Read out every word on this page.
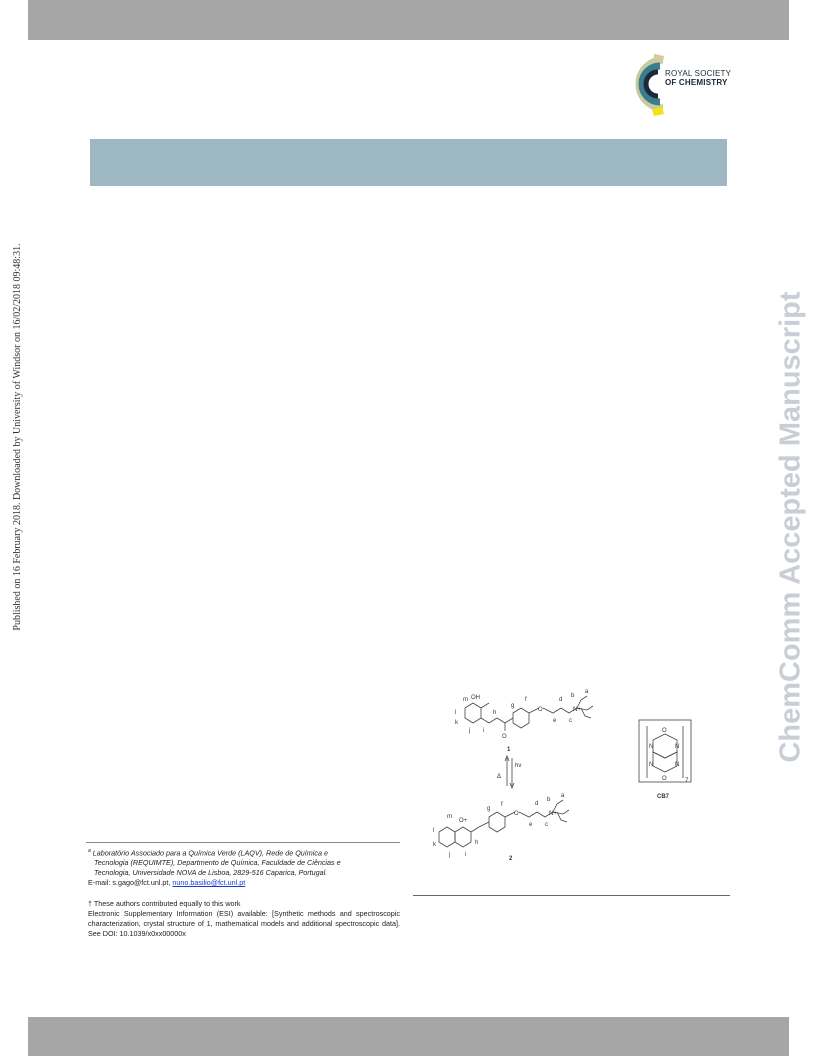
ROYAL SOCIETY
OF CHEMISTRY
Published on 16 February 2018. Downloaded by University of Windsor on 16/02/2018 09:48:31.	ChemComm Accepted Manuscript
m OH
l
k
j i
h
O
g
f
O
d
e c
b
a
N+
Δ
hν
1
2
m
O+
l
k
j i
h
g
f
O
d
e c
b
a
N+
O
N	N
N	N
O	7
CB7
$^a$ Laboratório Associado para a Química Verde (LAQV), Rede de Química e
Tecnologia (REQUIMTE), Departmento de Química, Faculdade de Ciências e
Tecnologia, Universidade NOVA de Lisboa, 2829-516 Caparica, Portugal.
E-mail: s.gago@fct.unl.pt, nuno.basilio@fct.unl.pt
† These authors contributed equally to this work
Electronic Supplementary Information (ESI) available: [Synthetic methods and spectroscopic characterization, crystal structure of 1, mathematical models and additional spectroscopic data]. See DOI: 10.1039/x0xx00000x
